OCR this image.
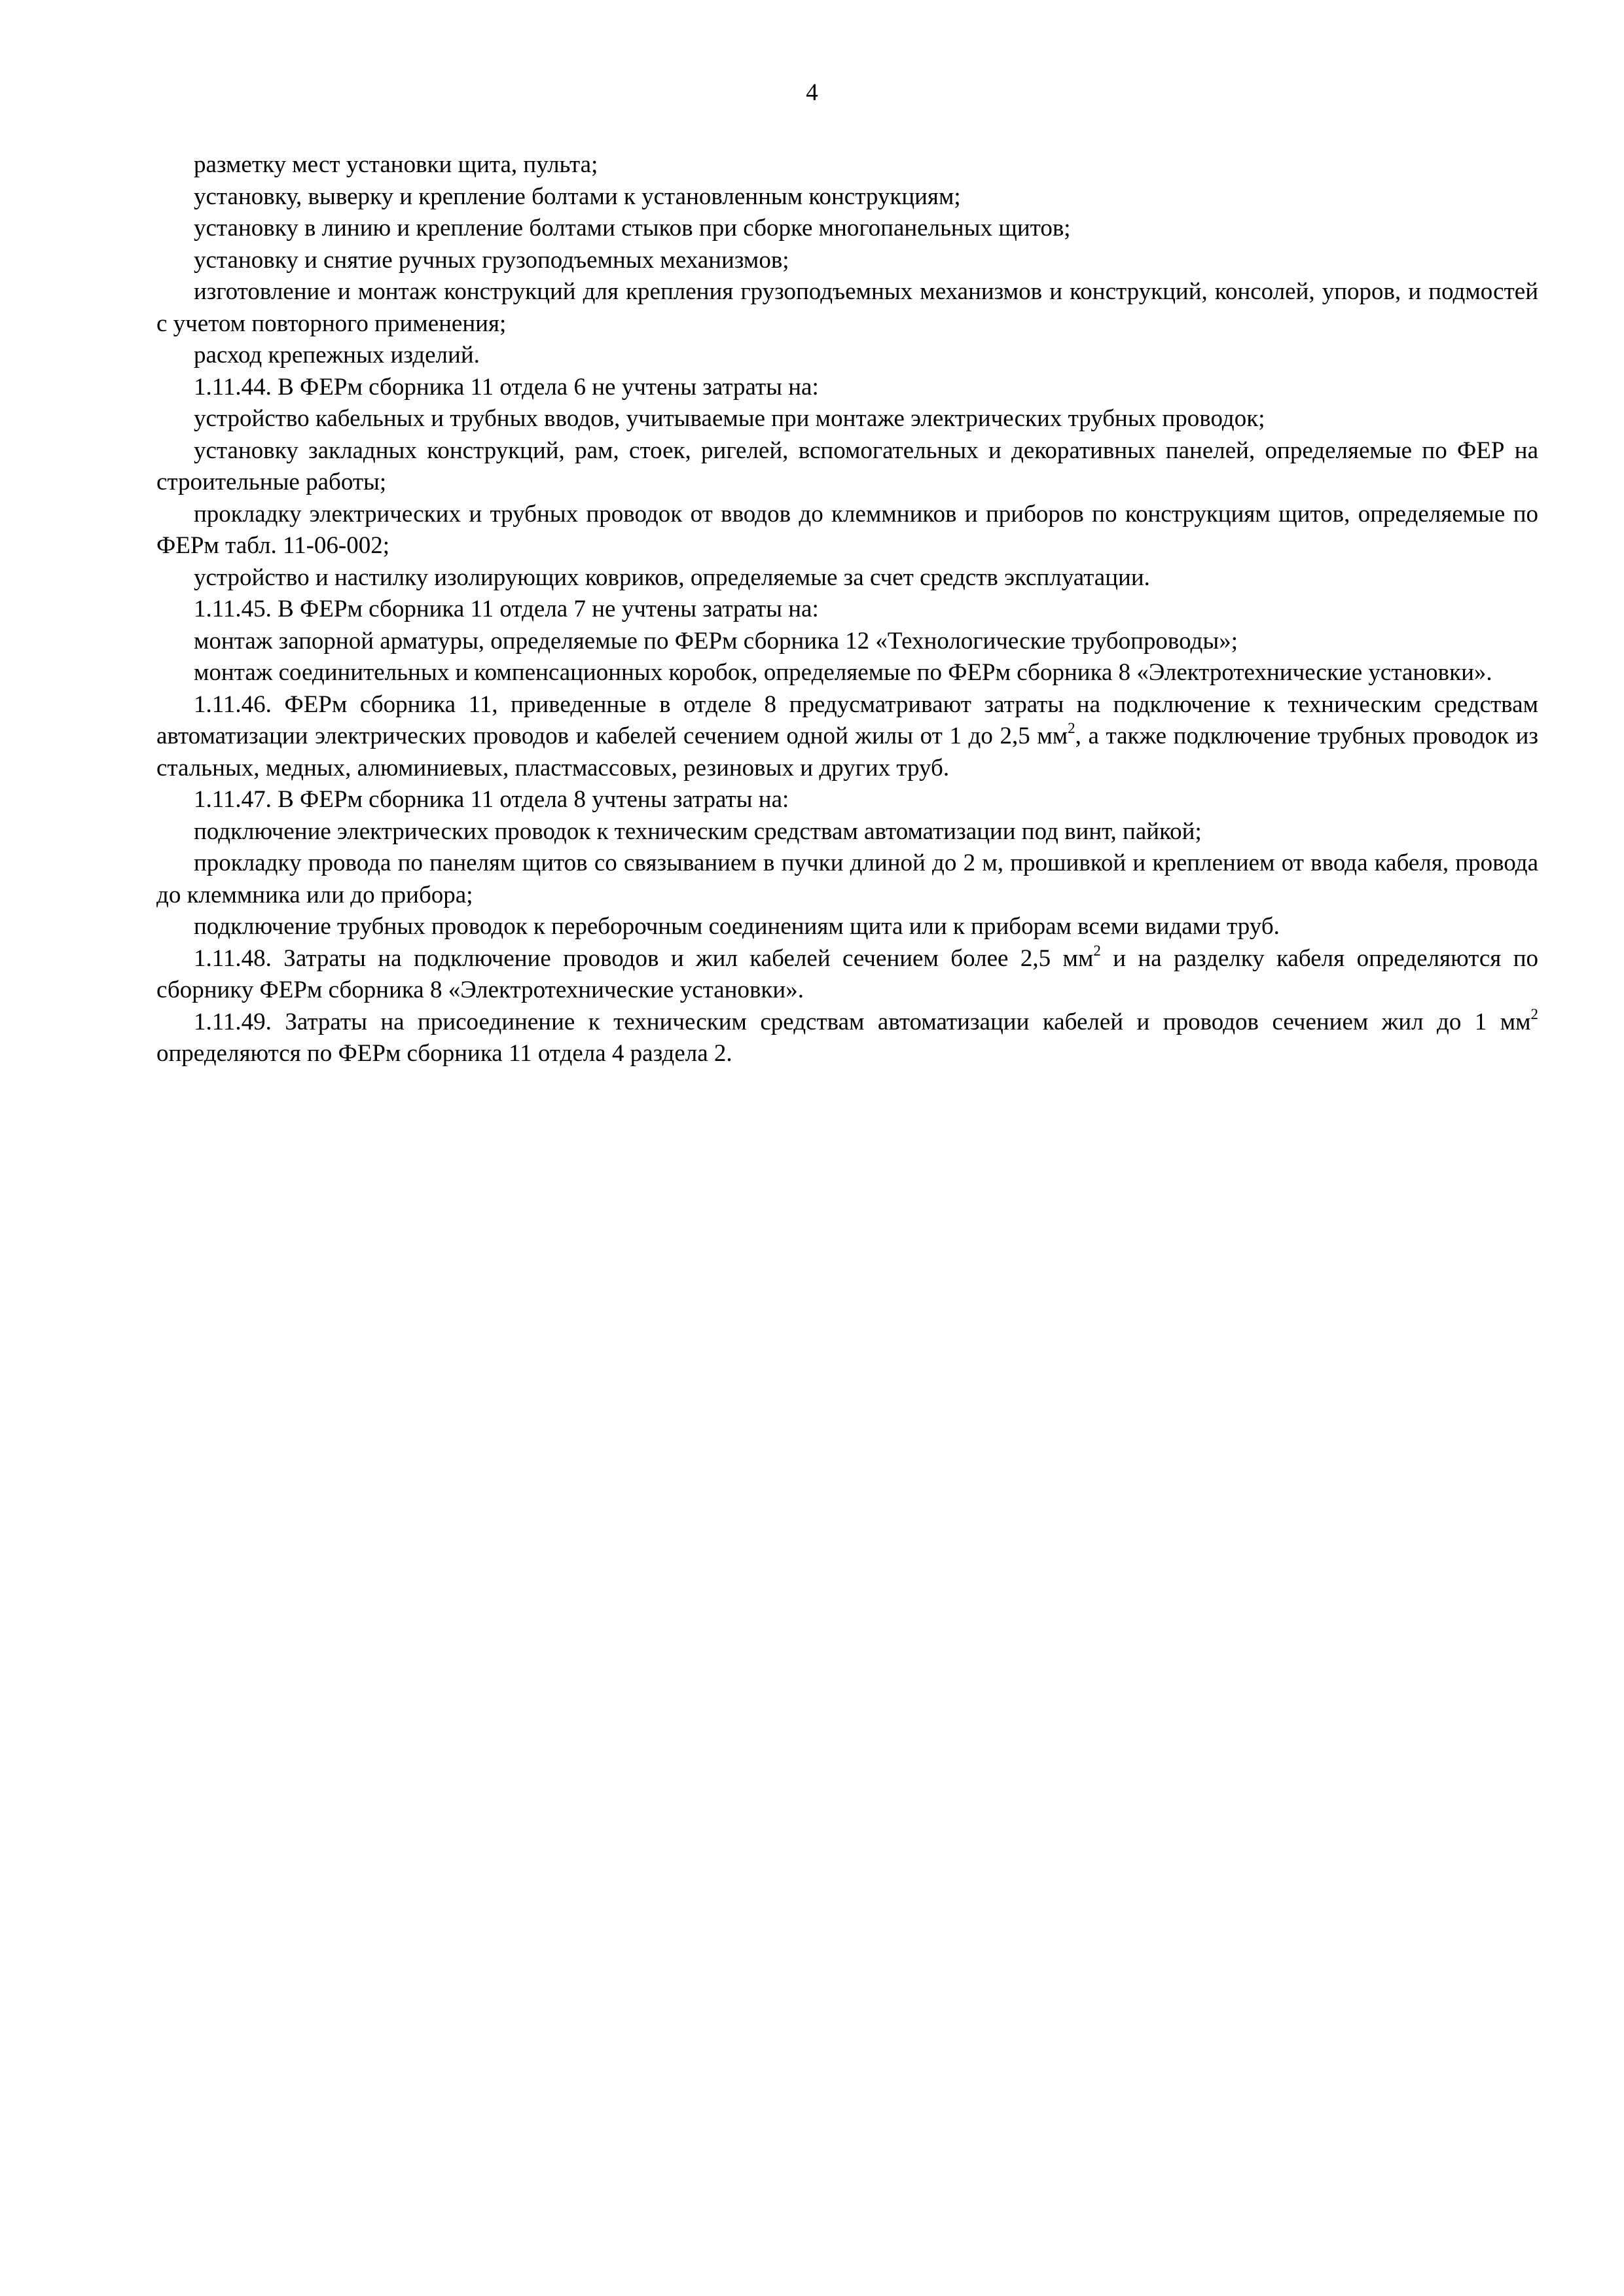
4

разметку мест установки щита, пульта;

установку, выверку и крепление болтами к установленным конструкциям;

установку в линию и крепление болтами стыков при сборке многопанельных щитов;

установку и снятие ручных грузоподъемных механизмов;

изготовление и монтаж конструкций для крепления грузоподъемных механизмов и конструкций, консолей, упоров, и подмостей с учетом повторного применения;

расход крепежных изделий.

1.11.44. В ФЕРм сборника 11 отдела 6 не учтены затраты на:

устройство кабельных и трубных вводов, учитываемые при монтаже электрических трубных проводок;

установку закладных конструкций, рам, стоек, ригелей, вспомогательных и декоративных панелей, определяемые по ФЕР на строительные работы;

прокладку электрических и трубных проводок от вводов до клеммников и приборов по конструкциям щитов, определяемые по ФЕРм табл. 11-06-002;

устройство и настилку изолирующих ковриков, определяемые за счет средств эксплуатации.

1.11.45. В ФЕРм сборника 11 отдела 7 не учтены затраты на:

монтаж запорной арматуры, определяемые по ФЕРм сборника 12 «Технологические трубопроводы»;

монтаж соединительных и компенсационных коробок, определяемые по ФЕРм сборника 8 «Электротехнические установки».

1.11.46. ФЕРм сборника 11, приведенные в отделе 8 предусматривают затраты на подключение к техническим средствам автоматизации электрических проводов и кабелей сечением одной жилы от 1 до 2,5 $мм^2$, а также подключение трубных проводок из стальных, медных, алюминиевых, пластмассовых, резиновых и других труб.

1.11.47. В ФЕРм сборника 11 отдела 8 учтены затраты на:

подключение электрических проводок к техническим средствам автоматизации под винт, пайкой;

прокладку провода по панелям щитов со связыванием в пучки длиной до 2 м, прошивкой и креплением от ввода кабеля, провода до клеммника или до прибора;

подключение трубных проводок к переборочным соединениям щита или к приборам всеми видами труб.

1.11.48. Затраты на подключение проводов и жил кабелей сечением более 2,5 $мм^2$ и на разделку кабеля определяются по сборнику ФЕРм сборника 8 «Электротехнические установки».

1.11.49. Затраты на присоединение к техническим средствам автоматизации кабелей и проводов сечением жил до 1 $мм^2$ определяются по ФЕРм сборника 11 отдела 4 раздела 2.
